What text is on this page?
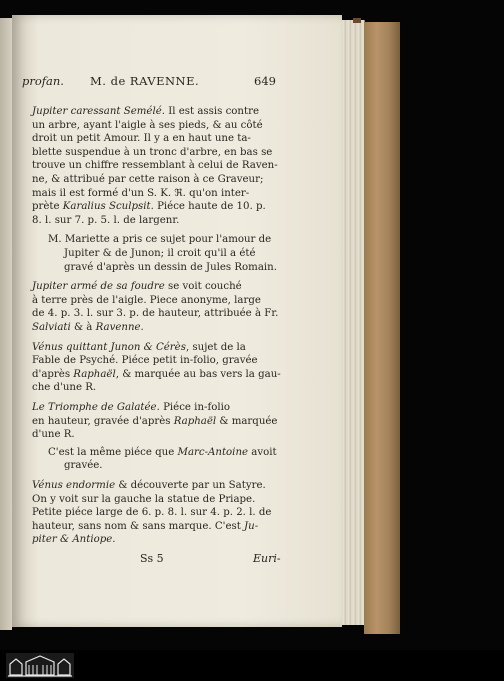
profan. M. de RAVENNE.	649
Jupiter caressant Semélé. Il est assis contre
un arbre, ayant l'aigle à ses pieds, & au côté
droit un petit Amour. Il y a en haut une ta-
blette suspendue à un tronc d'arbre, en bas se
trouve un chiffre ressemblant à celui de Raven-
ne, & attribué par cette raison à ce Graveur;
mais il est formé d'un S. K. ℜ. qu'on inter-
prète Karalius Sculpsit. Piéce haute de 10. p.
8. l. sur 7. p. 5. l. de largenr.
M. Mariette a pris ce sujet pour l'amour de
Jupiter & de Junon; il croit qu'il a été
gravé d'après un dessin de Jules Romain.
Jupiter armé de sa foudre se voit couché
à terre près de l'aigle. Piece anonyme, large
de 4. p. 3. l. sur 3. p. de hauteur, attribuée à Fr.
Salviati & à Ravenne.
Vénus quittant Junon & Cérès, sujet de la
Fable de Psyché. Piéce petit in-folio, gravée
d'après Raphaël, & marquée au bas vers la gau-
che d'une R.
Le Triomphe de Galatée. Piéce in-folio
en hauteur, gravée d'après Raphaël & marquée
d'une R.
C'est la même piéce que Marc-Antoine avoit
gravée.
Vénus endormie & découverte par un Satyre.
On y voit sur la gauche la statue de Priape.
Petite piéce large de 6. p. 8. l. sur 4. p. 2. l. de
hauteur, sans nom & sans marque. C'est Ju-
piter & Antiope.
Ss 5	Euri-
